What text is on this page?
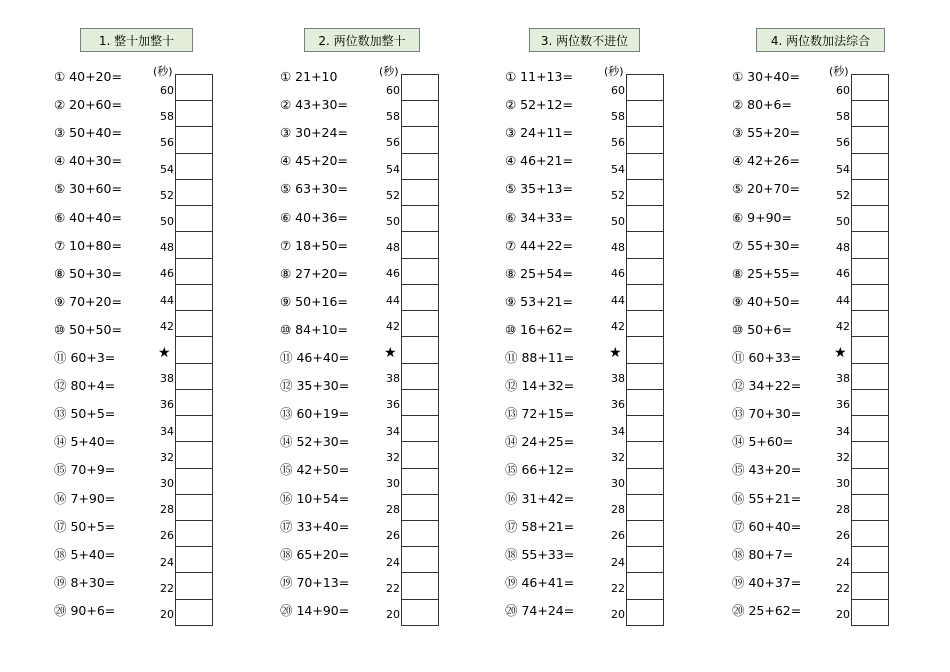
1. 整十加整十
① 40+20=
② 20+60=
③ 50+40=
④ 40+30=
⑤ 30+60=
⑥ 40+40=
⑦ 10+80=
⑧ 50+30=
⑨ 70+20=
⑩ 50+50=
⑪ 60+3=
⑫ 80+4=
⑬ 50+5=
⑭ 5+40=
⑮ 70+9=
⑯ 7+90=
⑰ 50+5=
⑱ 5+40=
⑲ 8+30=
⑳ 90+6=
(秒)
60
58
56
54
52
50
48
46
44
42
★
38
36
34
32
30
28
26
24
22
20
2. 两位数加整十
① 21+10
② 43+30=
③ 30+24=
④ 45+20=
⑤ 63+30=
⑥ 40+36=
⑦ 18+50=
⑧ 27+20=
⑨ 50+16=
⑩ 84+10=
⑪ 46+40=
⑫ 35+30=
⑬ 60+19=
⑭ 52+30=
⑮ 42+50=
⑯ 10+54=
⑰ 33+40=
⑱ 65+20=
⑲ 70+13=
⑳ 14+90=
(秒)
60
58
56
54
52
50
48
46
44
42
★
38
36
34
32
30
28
26
24
22
20
3. 两位数不进位
① 11+13=
② 52+12=
③ 24+11=
④ 46+21=
⑤ 35+13=
⑥ 34+33=
⑦ 44+22=
⑧ 25+54=
⑨ 53+21=
⑩ 16+62=
⑪ 88+11=
⑫ 14+32=
⑬ 72+15=
⑭ 24+25=
⑮ 66+12=
⑯ 31+42=
⑰ 58+21=
⑱ 55+33=
⑲ 46+41=
⑳ 74+24=
(秒)
60
58
56
54
52
50
48
46
44
42
★
38
36
34
32
30
28
26
24
22
20
4. 两位数加法综合
① 30+40=
② 80+6=
③ 55+20=
④ 42+26=
⑤ 20+70=
⑥ 9+90=
⑦ 55+30=
⑧ 25+55=
⑨ 40+50=
⑩ 50+6=
⑪ 60+33=
⑫ 34+22=
⑬ 70+30=
⑭ 5+60=
⑮ 43+20=
⑯ 55+21=
⑰ 60+40=
⑱ 80+7=
⑲ 40+37=
⑳ 25+62=
(秒)
60
58
56
54
52
50
48
46
44
42
★
38
36
34
32
30
28
26
24
22
20
